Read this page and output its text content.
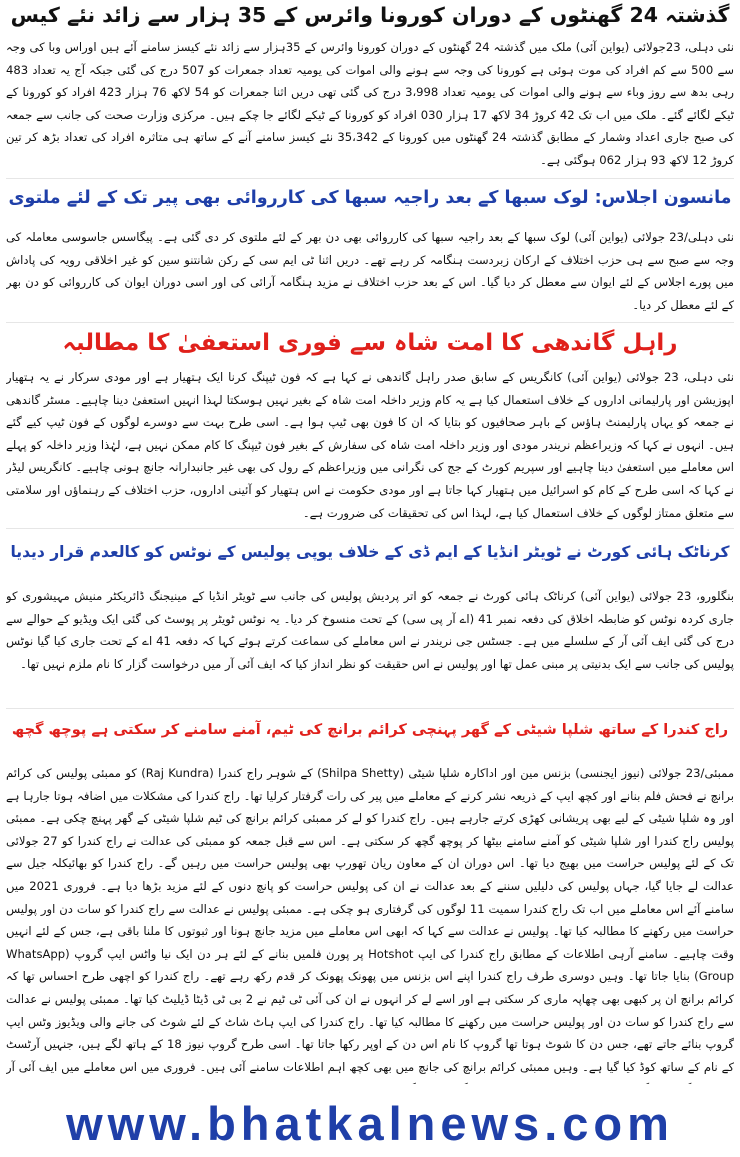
گذشتہ 24 گھنٹوں کے دوران کورونا وائرس کے 35 ہزار سے زائد نئے کیس

نئی دہلی، 23جولائی (یواین آئی) ملک میں گذشتہ 24 گھنٹوں کے دوران کورونا وائرس کے 35ہزار سے زائد نئے کیسز سامنے آئے ہیں اوراس وبا کی وجہ سے 500 سے کم افراد کی موت ہوئی ہے کورونا کی وجہ سے ہونے والی اموات کی یومیہ تعداد جمعرات کو 507 درج کی گئی جبکہ آج یہ تعداد 483 رہی بدھ سے روز وباء سے ہونے والی اموات کی یومیہ تعداد 3،998 درج کی گئی تھی دریں اثنا جمعرات کو 54 لاکھ 76 ہزار 423 افراد کو کورونا کے ٹیکے لگائے گئے۔ ملک میں اب تک 42 کروڑ 34 لاکھ 17 ہزار 030 افراد کو کورونا کے ٹیکے لگائے جا چکے ہیں۔ مرکزی وزارت صحت کی جانب سے جمعہ کی صبح جاری اعداد وشمار کے مطابق گذشتہ 24 گھنٹوں میں کورونا کے 35،342 نئے کیسز سامنے آنے کے ساتھ ہی متاثرہ افراد کی تعداد بڑھ کر تین کروڑ 12 لاکھ 93 ہزار 062 ہوگئی ہے۔

مانسون اجلاس: لوک سبھا کے بعد راجیہ سبھا کی کارروائی بھی پیر تک کے لئے ملتوی

نئی دہلی/23 جولائی (یواین آئی) لوک سبھا کے بعد راجیہ سبھا کی کارروائی بھی دن بھر کے لئے ملتوی کر دی گئی ہے۔ پیگاسس جاسوسی معاملہ کی وجہ سے صبح سے ہی حزب اختلاف کے ارکان زبردست ہنگامہ کر رہے تھے۔ دریں اثنا ٹی ایم سی کے رکن شانتنو سین کو غیر اخلاقی رویہ کی پاداش میں پورے اجلاس کے لئے ایوان سے معطل کر دیا گیا۔ اس کے بعد حزب اختلاف نے مزید ہنگامہ آرائی کی اور اسی دوران ایوان کی کارروائی کو دن بھر کے لئے معطل کر دیا۔

راہل گاندھی کا امت شاہ سے فوری استعفیٰ کا مطالبہ

نئی دہلی، 23 جولائی (یواین آئی) کانگریس کے سابق صدر راہل گاندھی نے کہا ہے کہ فون ٹیپنگ کرنا ایک ہتھیار ہے اور مودی سرکار نے یہ ہتھیار اپوزیشن اور پارلیمانی اداروں کے خلاف استعمال کیا ہے یہ کام وزیر داخلہ امت شاہ کے بغیر نہیں ہوسکتا لہذا انہیں استعفیٰ دینا چاہیے۔ مسٹر گاندھی نے جمعہ کو یہاں پارلیمنٹ ہاؤس کے باہر صحافیوں کو بتایا کہ ان کا فون بھی ٹیپ ہوا ہے۔ اسی طرح بہت سے دوسرے لوگوں کے فون ٹیپ کیے گئے ہیں۔ انہوں نے کہا کہ وزیراعظم نریندر مودی اور وزیر داخلہ امت شاہ کی سفارش کے بغیر فون ٹیپنگ کا کام ممکن نہیں ہے، لہٰذا وزیر داخلہ کو پہلے اس معاملے میں استعفیٰ دینا چاہیے اور سپریم کورٹ کے جج کی نگرانی میں وزیراعظم کے رول کی بھی غیر جانبدارانہ جانچ ہونی چاہیے۔ کانگریس لیڈر نے کہا کہ اسی طرح کے کام کو اسرائیل میں ہتھیار کہا جاتا ہے اور مودی حکومت نے اس ہتھیار کو آئینی اداروں، حزب اختلاف کے رہنماؤں اور سلامتی سے متعلق ممتاز لوگوں کے خلاف استعمال کیا ہے، لہذا اس کی تحقیقات کی ضرورت ہے۔

کرناٹک ہائی کورٹ نے ٹویٹر انڈیا کے ایم ڈی کے خلاف یوپی پولیس کے نوٹس کو کالعدم قرار دیدیا

بنگلورو، 23 جولائی (یواین آئی) کرناٹک ہائی کورٹ نے جمعہ کو اتر پردیش پولیس کی جانب سے ٹویٹر انڈیا کے مینیجنگ ڈائریکٹر منیش مہیشوری کو جاری کردہ نوٹس کو ضابطہ اخلاق کی دفعہ نمبر 41 (اے آر پی سی) کے تحت منسوخ کر دیا۔ یہ نوٹس ٹویٹر پر پوسٹ کی گئی ایک ویڈیو کے حوالے سے درج کی گئی ایف آئی آر کے سلسلے میں ہے۔ جسٹس جی نریندر نے اس معاملے کی سماعت کرتے ہوئے کہا کہ دفعہ 41 اے کے تحت جاری کیا گیا نوٹس پولیس کی جانب سے ایک بدنیتی پر مبنی عمل تھا اور پولیس نے اس حقیقت کو نظر انداز کیا کہ ایف آئی آر میں درخواست گزار کا نام ملزم نہیں تھا۔

راج کندرا کے ساتھ شلپا شیٹی کے گھر پہنچی کرائم برانچ کی ٹیم، آمنے سامنے کر سکتی ہے پوچھ گچھ

ممبئی/23 جولائی (نیوز ایجنسی) بزنس مین اور اداکارہ شلپا شیٹی (Shilpa Shetty) کے شوہر راج کندرا (Raj Kundra) کو ممبئی پولیس کی کرائم برانچ نے فحش فلم بنانے اور کچھ ایپ کے ذریعہ نشر کرنے کے معاملے میں پیر کی رات گرفتار کرلیا تھا۔ راج کندرا کی مشکلات میں اضافہ ہوتا جارہا ہے اور وہ شلپا شیٹی کے لیے بھی پریشانی کھڑی کرتے جارہے ہیں۔ راج کندرا کو لے کر ممبئی کرائم برانچ کی ٹیم شلپا شیٹی کے گھر پہنچ چکی ہے۔ ممبئی پولیس راج کندرا اور شلپا شیٹی کو آمنے سامنے بیٹھا کر پوچھ گچھ کر سکتی ہے۔ اس سے قبل جمعہ کو ممبئی کی عدالت نے راج کندرا کو 27 جولائی تک کے لئے پولیس حراست میں بھیج دیا تھا۔ اس دوران ان کے معاون ریان تھورپ بھی پولیس حراست میں رہیں گے۔ راج کندرا کو بھائیکلہ جیل سے عدالت لے جایا گیا، جہاں پولیس کی دلیلیں سننے کے بعد عدالت نے ان کی پولیس حراست کو پانچ دنوں کے لئے مزید بڑھا دیا ہے۔ فروری 2021 میں سامنے آئے اس معاملے میں اب تک راج کندرا سمیت 11 لوگوں کی گرفتاری ہو چکی ہے۔ ممبئی پولیس نے عدالت سے راج کندرا کو سات دن اور پولیس حراست میں رکھنے کا مطالبہ کیا تھا۔ پولیس نے عدالت سے کہا کہ ابھی اس معاملے میں مزید جانچ ہونا اور ثبوتوں کا ملنا باقی ہے، جس کے لئے انہیں وقت چاہیے۔ سامنے آرہی اطلاعات کے مطابق راج کندرا کی ایپ Hotshot پر پورن فلمیں بنانے کے لئے ہر دن ایک نیا واٹس ایپ گروپ (WhatsApp Group) بنایا جاتا تھا۔ وہیں دوسری طرف راج کندرا اپنے اس بزنس میں پھونک پھونک کر قدم رکھ رہے تھے۔ راج کندرا کو اچھی طرح احساس تھا کہ کرائم برانچ ان پر کبھی بھی چھاپہ ماری کر سکتی ہے اور اسے لے کر انہوں نے ان کی آئی ٹی ٹیم نے 2 بی ٹی ڈیٹا ڈیلیٹ کیا تھا۔ ممبئی پولیس نے عدالت سے راج کندرا کو سات دن اور پولیس حراست میں رکھنے کا مطالبہ کیا تھا۔ راج کندرا کی ایپ ہاٹ شاٹ کے لئے شوٹ کی جانے والی ویڈیوز وٹس ایپ گروپ بنائے جاتے تھے، جس دن کا شوٹ ہوتا تھا گروپ کا نام اس دن کے اوپر رکھا جاتا تھا۔ اسی طرح گروپ نیوز 18 کے ہاتھ لگے ہیں، جنہیں آرٹسٹ کے نام کے ساتھ کوڈ کیا گیا ہے۔ وہیں ممبئی کرائم برانچ کی جانچ میں بھی کچھ اہم اطلاعات سامنے آئی ہیں۔ فروری میں اس معاملے میں ایف آئی آر

www.bhatkalnews.com
